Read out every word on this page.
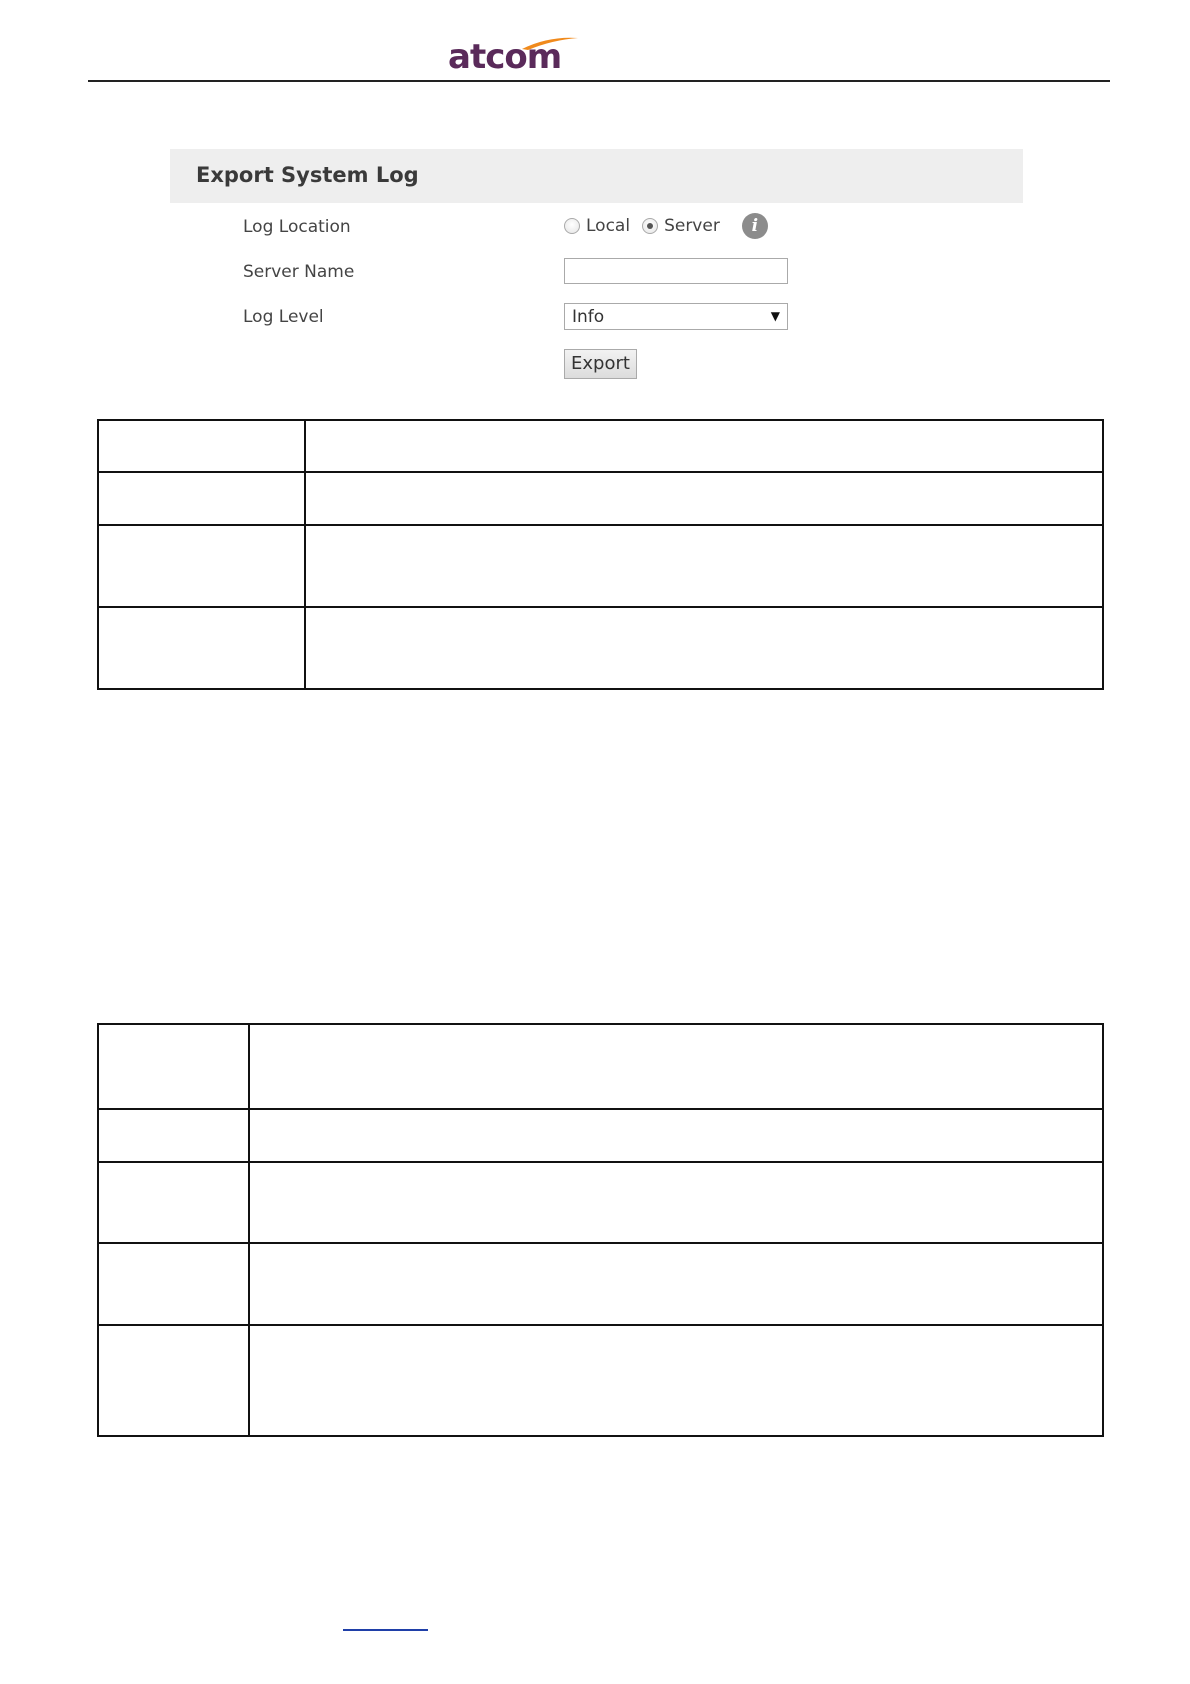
atcom
Export System Log
Log Location	Local Server	i
Server Name
Log Level	Info	▼
Export
